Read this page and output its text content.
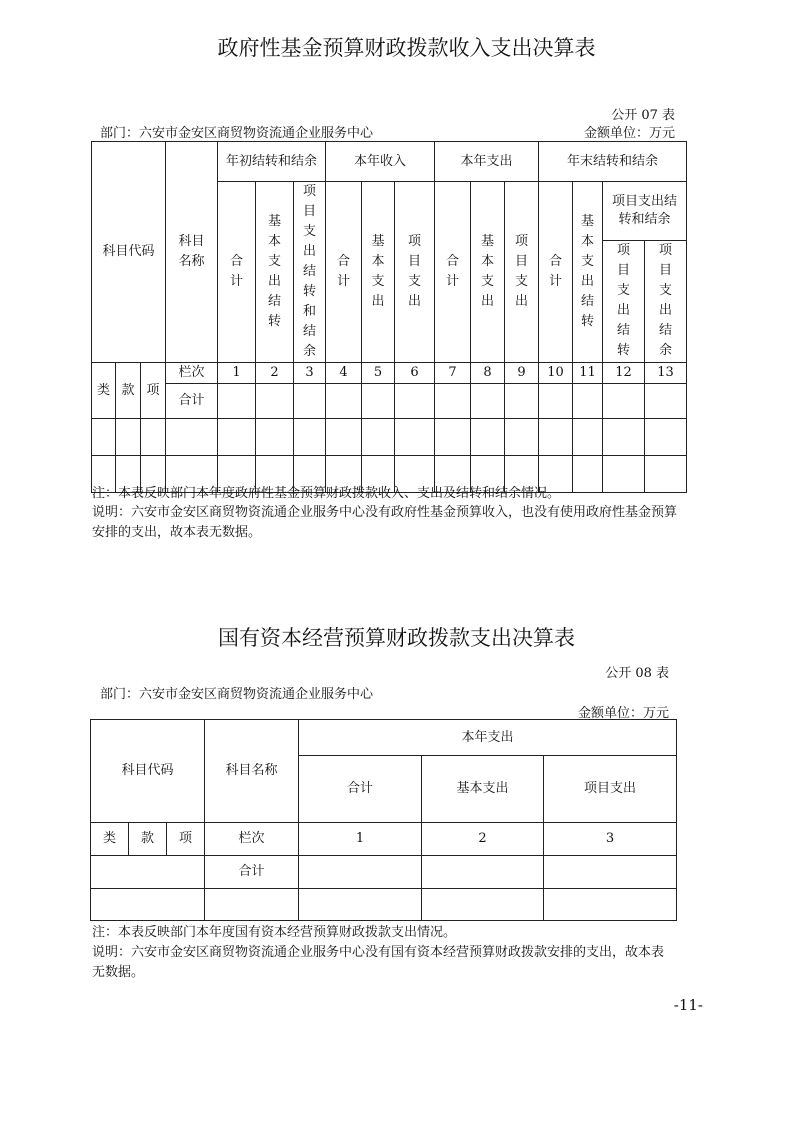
政府性基金预算财政拨款收入支出决算表
公开 07 表
部门：六安市金安区商贸物资流通企业服务中心	金额单位：万元
科目代码			科目名称	年初结转和结余			本年收入			本年支出			年末结转和结余			
				合计	基本支出结转	项目支出结转和结余	合计	基本支出	项目支出	合计	基本支出	项目支出	合计	基本支出结转	项目支出结转和结余	

															项目支出结转	项目支出结余
类	款	项	栏次	1	2	3	4	5	6	7	8	9	10	11	12	13
			合计													

注：本表反映部门本年度政府性基金预算财政拨款收入、支出及结转和结余情况。
说明：六安市金安区商贸物资流通企业服务中心没有政府性基金预算收入，也没有使用政府性基金预算安排的支出，故本表无数据。
国有资本经营预算财政拨款支出决算表
公开 08 表
部门：六安市金安区商贸物资流通企业服务中心
金额单位：万元
科目代码			科目名称	本年支出		
				合计	基本支出	项目支出
类	款	项	栏次	1	2	3
			合计			

注：本表反映部门本年度国有资本经营预算财政拨款支出情况。
说明：六安市金安区商贸物资流通企业服务中心没有国有资本经营预算财政拨款安排的支出，故本表无数据。
-11-
